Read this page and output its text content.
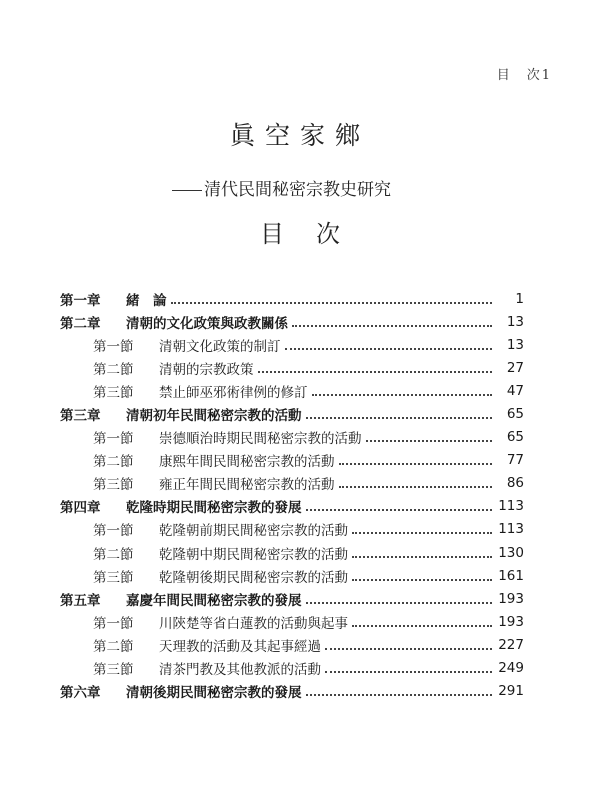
目　次1
眞空家鄉
清代民間秘密宗教史研究
目次
第一章	緒　論	1
第二章	清朝的文化政策與政教關係	13
第一節	清朝文化政策的制訂	13
第二節	清朝的宗教政策	27
第三節	禁止師巫邪術律例的修訂	47
第三章	清朝初年民間秘密宗教的活動	65
第一節	崇德順治時期民間秘密宗教的活動	65
第二節	康熙年間民間秘密宗教的活動	77
第三節	雍正年間民間秘密宗教的活動	86
第四章	乾隆時期民間秘密宗教的發展	113
第一節	乾隆朝前期民間秘密宗教的活動	113
第二節	乾隆朝中期民間秘密宗教的活動	130
第三節	乾隆朝後期民間秘密宗教的活動	161
第五章	嘉慶年間民間秘密宗教的發展	193
第一節	川陝楚等省白蓮教的活動與起事	193
第二節	天理教的活動及其起事經過	227
第三節	清茶門教及其他教派的活動	249
第六章	清朝後期民間秘密宗教的發展	291
